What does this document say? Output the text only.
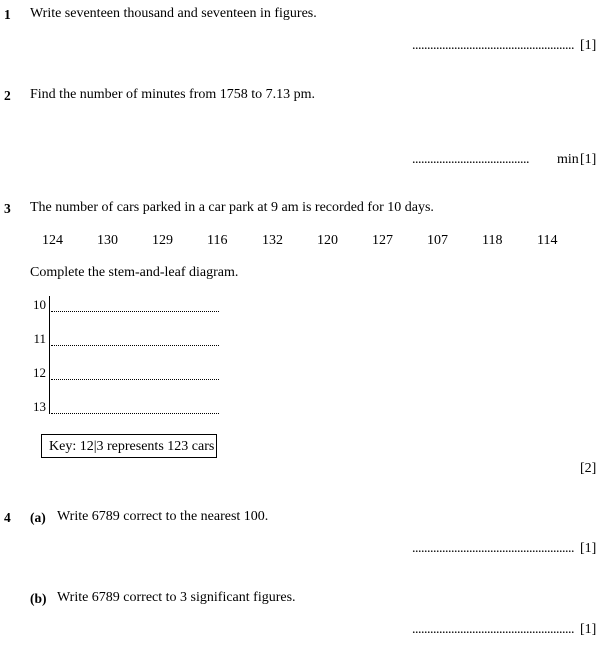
1 Write seventeen thousand and seventeen in figures.
...................................................... [1]
2 Find the number of minutes from 1758 to 7.13 pm.
....................................... min [1]
3 The number of cars parked in a car park at 9 am is recorded for 10 days.
124 130 129 116 132 120 127 107 118 114
Complete the stem-and-leaf diagram.
10
11
12
13
Key: 12|3 represents 123 cars
[2]
4 (a) Write 6789 correct to the nearest 100.
...................................................... [1]
(b) Write 6789 correct to 3 significant figures.
...................................................... [1]
